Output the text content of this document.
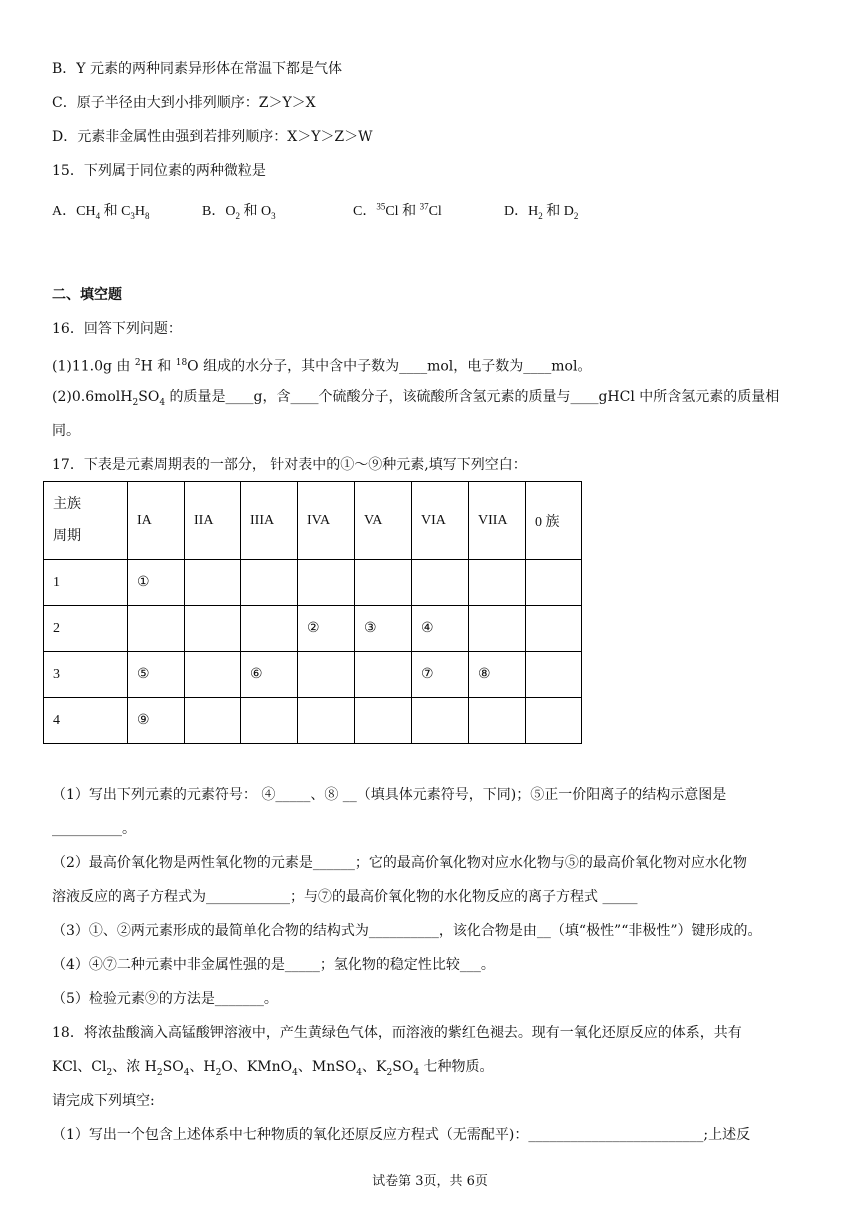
B．Y 元素的两种同素异形体在常温下都是气体
C．原子半径由大到小排列顺序：Z＞Y＞X
D．元素非金属性由强到若排列顺序：X＞Y＞Z＞W
15．下列属于同位素的两种微粒是
A．$CH_4$ 和 $C_3H_8$	B．$O_2$ 和 $O_3$	C．$^{35}$Cl 和 $^{37}$Cl	D．$H_2$ 和 $D_2$
二、填空题
16．回答下列问题：
(1)11.0g 由 $^2$H 和 $^{18}$O 组成的水分子，其中含中子数为____mol，电子数为____mol。
$(2)0.6molH_2SO_4$ 的质量是____g，含____个硫酸分子，该硫酸所含氢元素的质量与____gHCl 中所含氢元素的质量相
同。
17．下表是元素周期表的一部分， 针对表中的①～⑨种元素,填写下列空白：
主族
周期	IA	IIA	IIIA	IVA	VA	VIA	VIIA	0 族
1	①							
2				②	③	④		
3	⑤		⑥			⑦	⑧	
4	⑨							
（1）写出下列元素的元素符号： ④_____、⑧ __（填具体元素符号，下同)；⑤正一价阳离子的结构示意图是
__________。
（2）最高价氧化物是两性氧化物的元素是______；它的最高价氧化物对应水化物与⑤的最高价氧化物对应水化物
溶液反应的离子方程式为____________；与⑦的最高价氧化物的水化物反应的离子方程式 _____
（3）①、②两元素形成的最简单化合物的结构式为__________，该化合物是由__（填“极性”“非极性”）键形成的。
（4）④⑦二种元素中非金属性强的是_____；氢化物的稳定性比较___。
（5）检验元素⑨的方法是_______。
18．将浓盐酸滴入高锰酸钾溶液中，产生黄绿色气体，而溶液的紫红色褪去。现有一氧化还原反应的体系，共有
KCl、$Cl_2$、浓 $H_2SO_4$、$H_2O$、KMnO$_4$、MnSO$_4$、$K_2SO_4$ 七种物质。
请完成下列填空:
（1）写出一个包含上述体系中七种物质的氧化还原反应方程式（无需配平)：_________________________;上述反
试卷第 3页，共 6页
